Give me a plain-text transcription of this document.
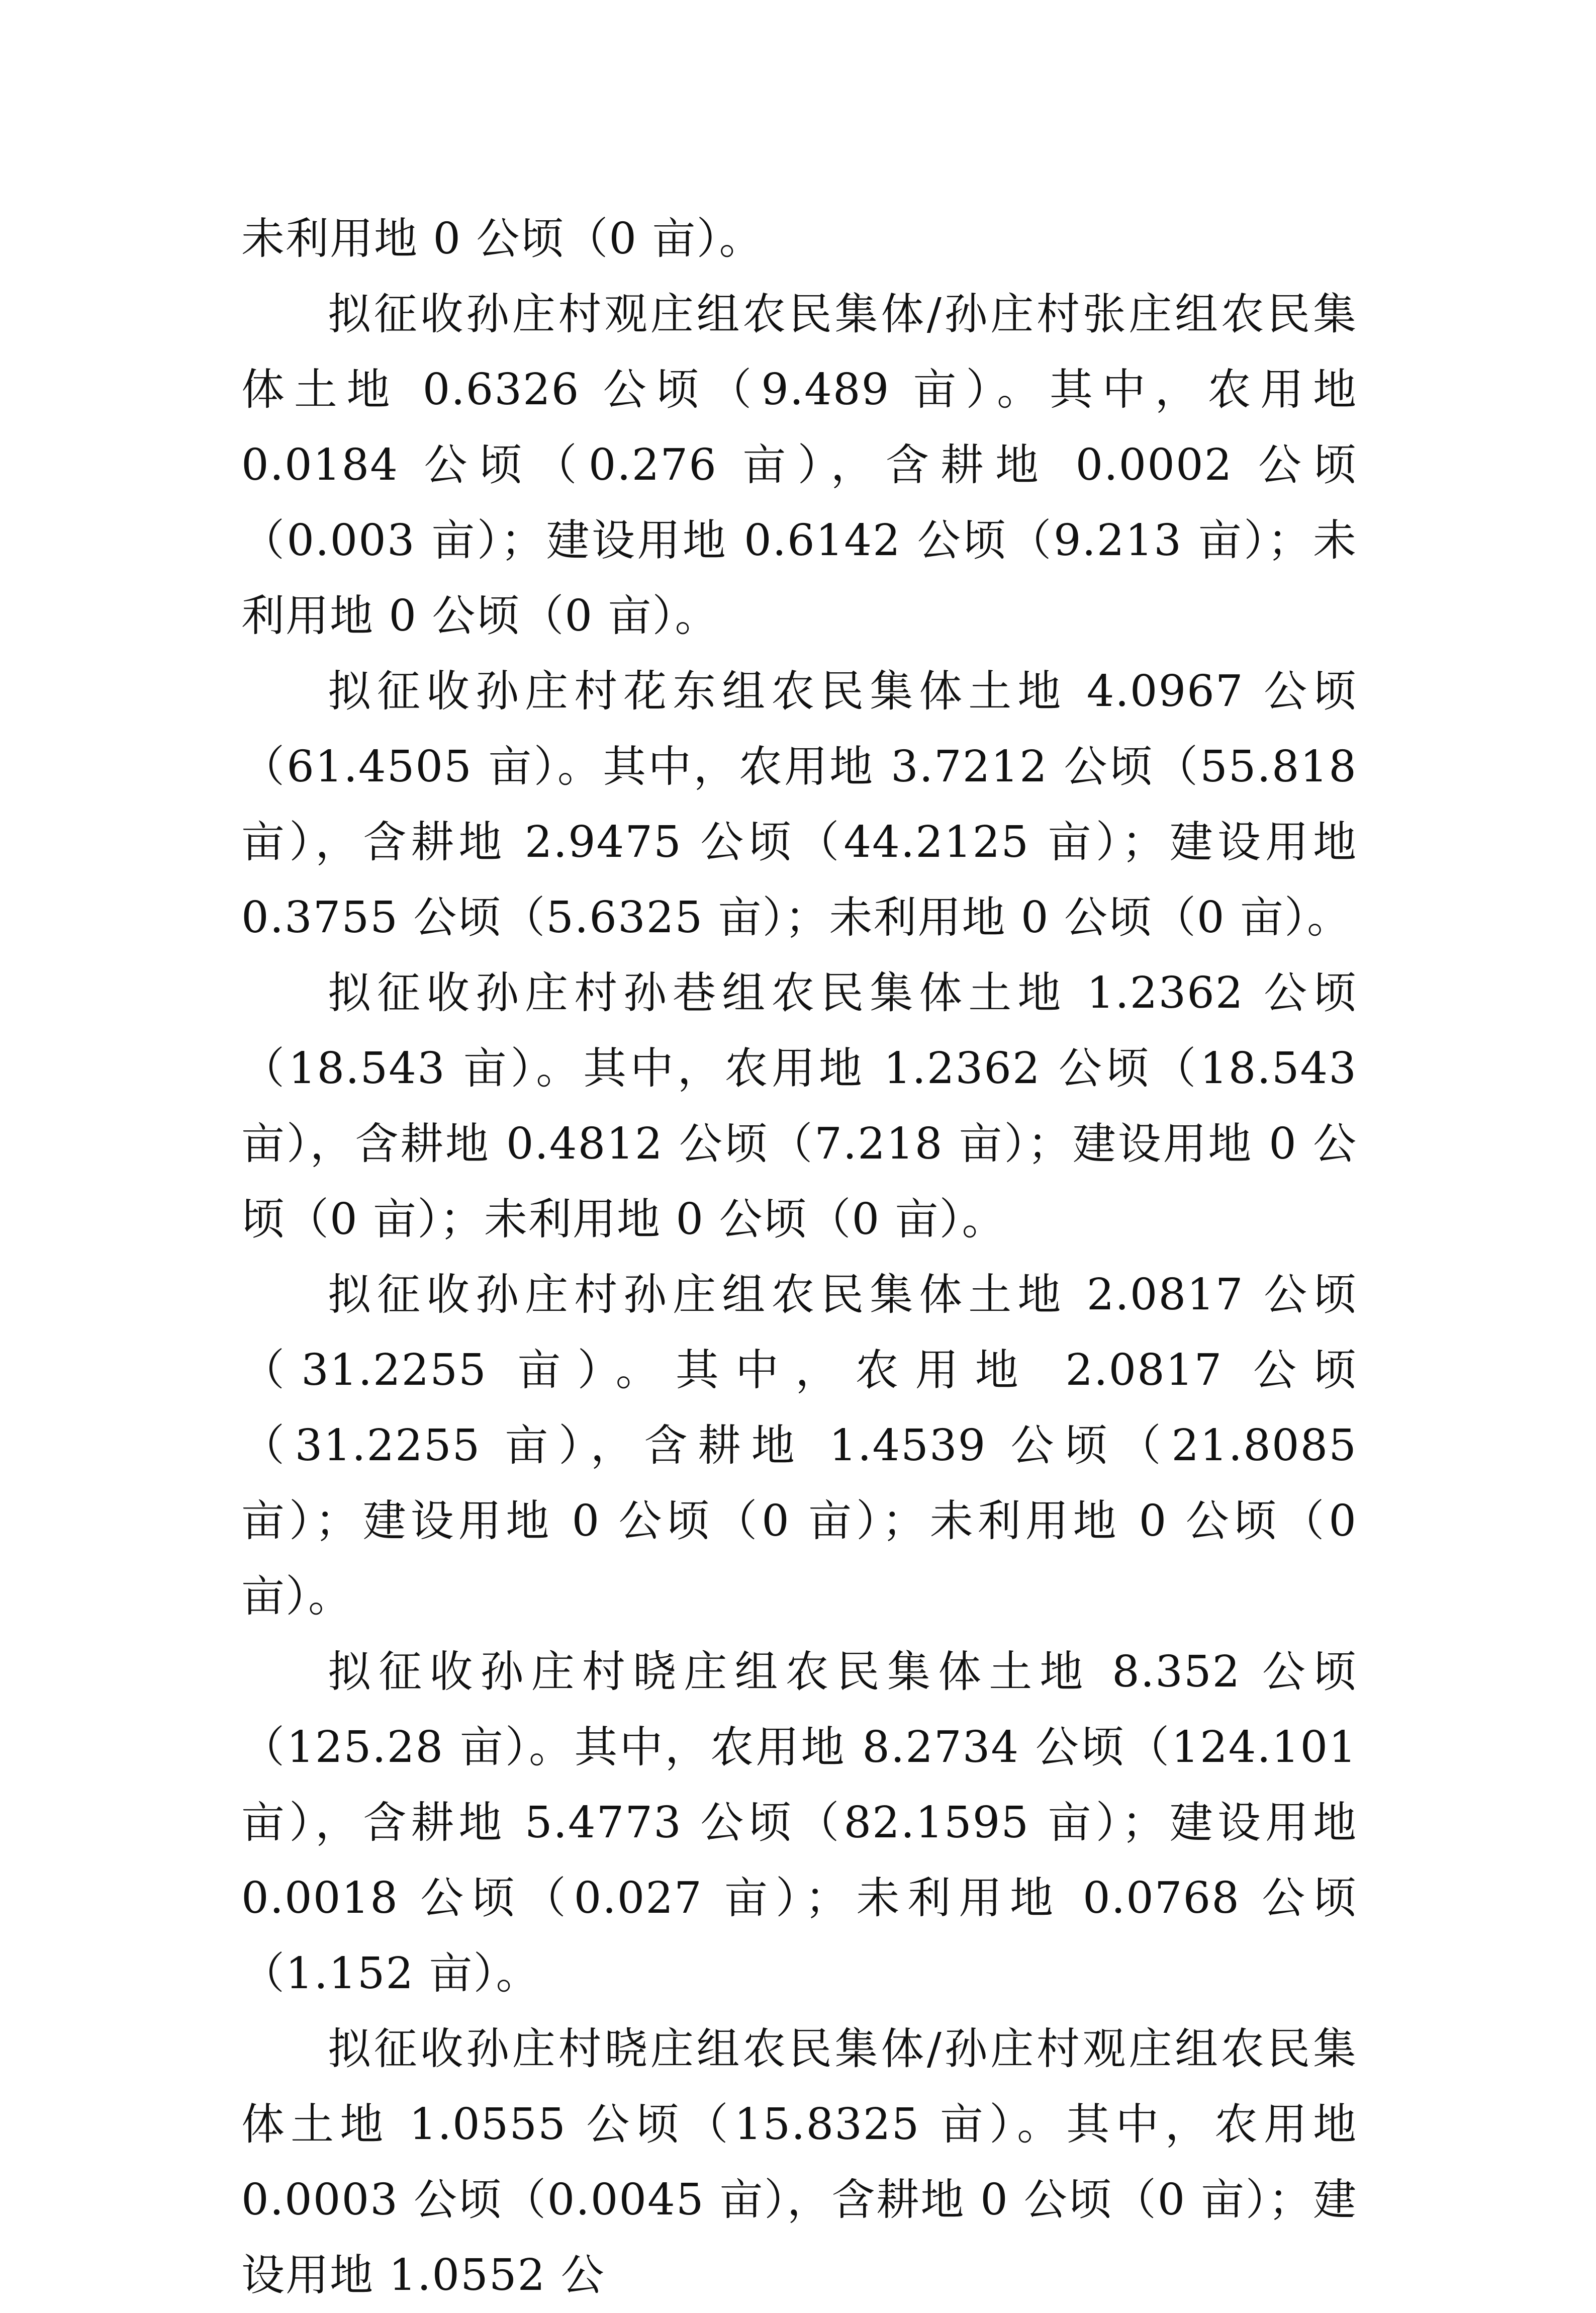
未利用地 0 公顷（0 亩）。

拟征收孙庄村观庄组农民集体/孙庄村张庄组农民集体土地 0.6326 公顷（9.489 亩）。其中，农用地 0.0184 公顷（0.276 亩），含耕地 0.0002 公顷（0.003 亩）；建设用地 0.6142 公顷（9.213 亩）；未利用地 0 公顷（0 亩）。

拟征收孙庄村花东组农民集体土地 4.0967 公顷（61.4505 亩）。其中，农用地 3.7212 公顷（55.818 亩），含耕地 2.9475 公顷（44.2125 亩）；建设用地 0.3755 公顷（5.6325 亩）；未利用地 0 公顷（0 亩）。

拟征收孙庄村孙巷组农民集体土地 1.2362 公顷（18.543 亩）。其中，农用地 1.2362 公顷（18.543 亩），含耕地 0.4812 公顷（7.218 亩）；建设用地 0 公顷（0 亩）；未利用地 0 公顷（0 亩）。

拟征收孙庄村孙庄组农民集体土地 2.0817 公顷（31.2255 亩）。其中，农用地 2.0817 公顷（31.2255 亩），含耕地 1.4539 公顷（21.8085 亩）；建设用地 0 公顷（0 亩）；未利用地 0 公顷（0 亩）。

拟征收孙庄村晓庄组农民集体土地 8.352 公顷（125.28 亩）。其中，农用地 8.2734 公顷（124.101 亩），含耕地 5.4773 公顷（82.1595 亩）；建设用地 0.0018 公顷（0.027 亩）；未利用地 0.0768 公顷（1.152 亩）。

拟征收孙庄村晓庄组农民集体/孙庄村观庄组农民集体土地 1.0555 公顷（15.8325 亩）。其中，农用地 0.0003 公顷（0.0045 亩），含耕地 0 公顷（0 亩）；建设用地 1.0552 公
